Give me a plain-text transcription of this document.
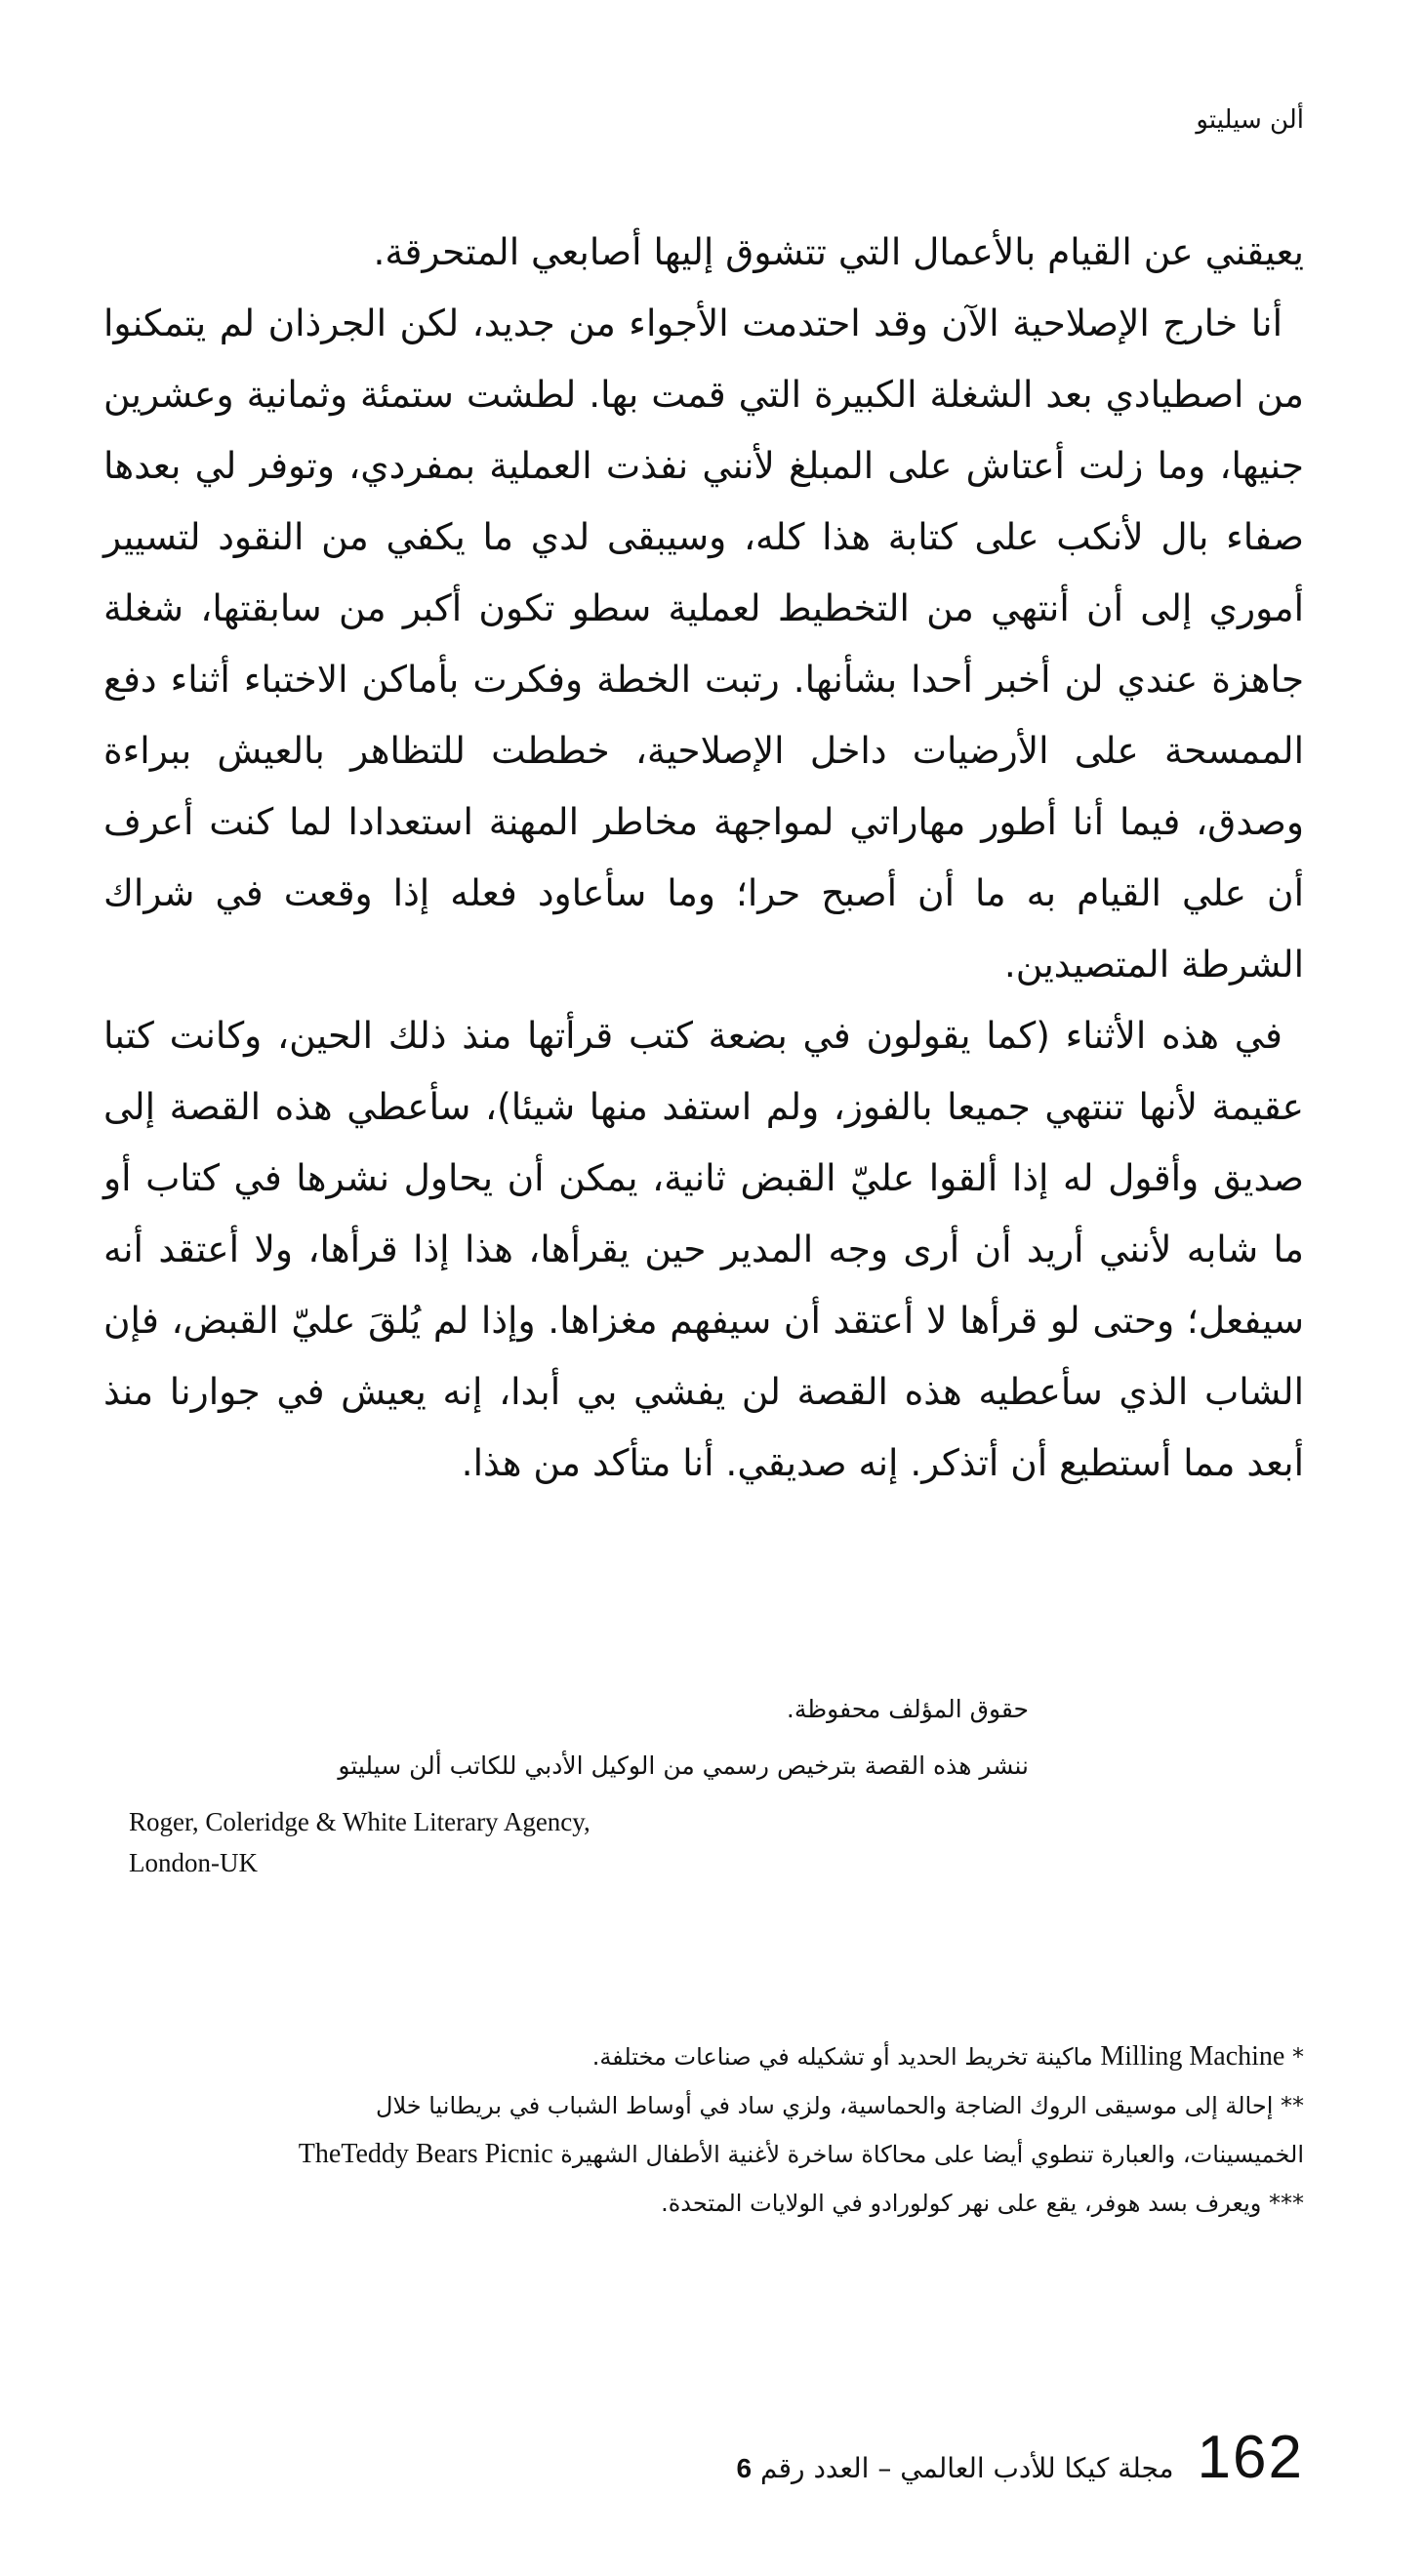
ألن سيليتو

يعيقني عن القيام بالأعمال التي تتشوق إليها أصابعي المتحرقة.

أنا خارج الإصلاحية الآن وقد احتدمت الأجواء من جديد، لكن الجرذان لم يتمكنوا من اصطيادي بعد الشغلة الكبيرة التي قمت بها. لطشت ستمئة وثمانية وعشرين جنيها، وما زلت أعتاش على المبلغ لأنني نفذت العملية بمفردي، وتوفر لي بعدها صفاء بال لأنكب على كتابة هذا كله، وسيبقى لدي ما يكفي من النقود لتسيير أموري إلى أن أنتهي من التخطيط لعملية سطو تكون أكبر من سابقتها، شغلة جاهزة عندي لن أخبر أحدا بشأنها. رتبت الخطة وفكرت بأماكن الاختباء أثناء دفع الممسحة على الأرضيات داخل الإصلاحية، خططت للتظاهر بالعيش ببراءة وصدق، فيما أنا أطور مهاراتي لمواجهة مخاطر المهنة استعدادا لما كنت أعرف أن علي القيام به ما أن أصبح حرا؛ وما سأعاود فعله إذا وقعت في شراك الشرطة المتصيدين.

في هذه الأثناء (كما يقولون في بضعة كتب قرأتها منذ ذلك الحين، وكانت كتبا عقيمة لأنها تنتهي جميعا بالفوز، ولم استفد منها شيئا)، سأعطي هذه القصة إلى صديق وأقول له إذا ألقوا عليّ القبض ثانية، يمكن أن يحاول نشرها في كتاب أو ما شابه لأنني أريد أن أرى وجه المدير حين يقرأها، هذا إذا قرأها، ولا أعتقد أنه سيفعل؛ وحتى لو قرأها لا أعتقد أن سيفهم مغزاها. وإذا لم يُلقَ عليّ القبض، فإن الشاب الذي سأعطيه هذه القصة لن يفشي بي أبدا، إنه يعيش في جوارنا منذ أبعد مما أستطيع أن أتذكر. إنه صديقي. أنا متأكد من هذا.

حقوق المؤلف محفوظة.
ننشر هذه القصة بترخيص رسمي من الوكيل الأدبي للكاتب ألن سيليتو
Roger, Coleridge & White Literary Agency,
London-UK

* Milling Machine ماكينة تخريط الحديد أو تشكيله في صناعات مختلفة.

** إحالة إلى موسيقى الروك الضاجة والحماسية، ولزي ساد في أوساط الشباب في بريطانيا خلال الخميسينات، والعبارة تنطوي أيضا على محاكاة ساخرة لأغنية الأطفال الشهيرة TheTeddy Bears Picnic

*** ويعرف بسد هوفر، يقع على نهر كولورادو في الولايات المتحدة.

مجلة كيكا للأدب العالمي – العدد رقم 6	162
